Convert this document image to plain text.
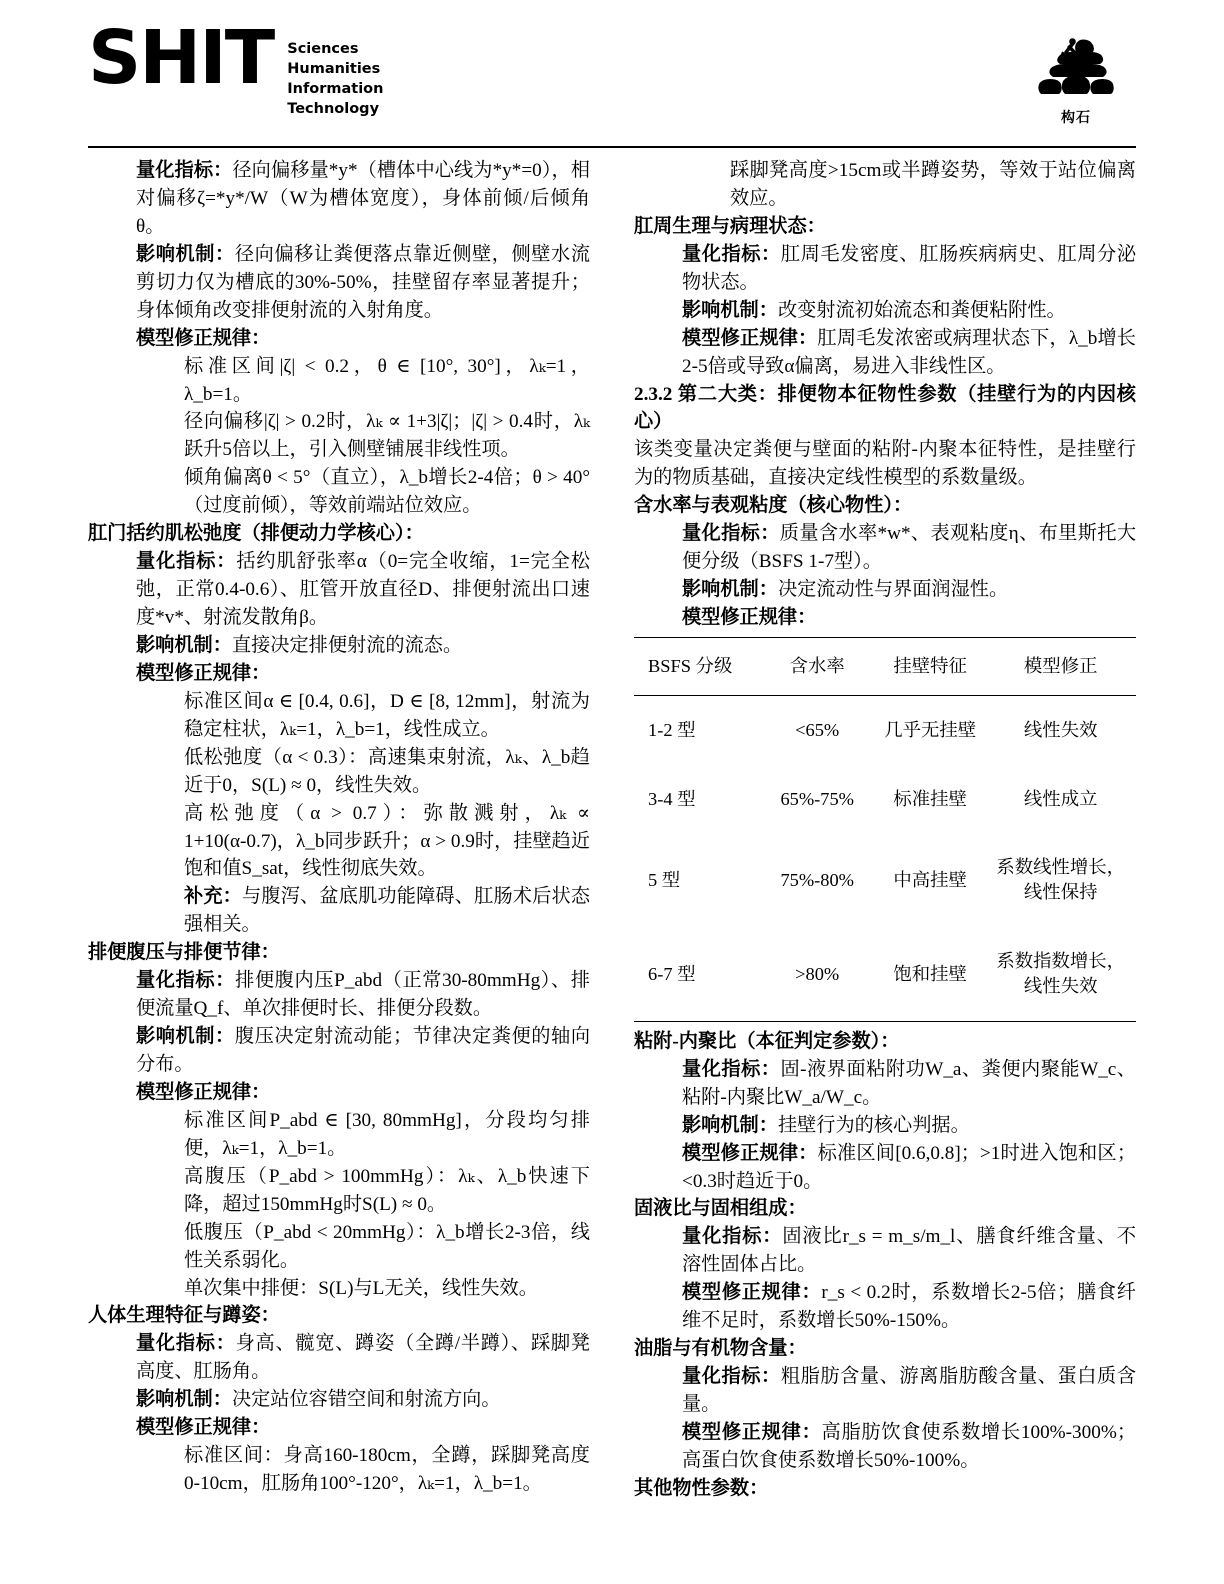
SHIT Sciences
Humanities
Information
Technology
构石

量化指标：径向偏移量*y*（槽体中心线为*y*=0），相对偏移ζ=*y*/W（W为槽体宽度），身体前倾/后倾角θ。

影响机制：径向偏移让粪便落点靠近侧壁，侧壁水流剪切力仅为槽底的30%-50%，挂壁留存率显著提升；身体倾角改变排便射流的入射角度。

模型修正规律：

标准区间|ζ| < 0.2，θ ∈ [10°, 30°]，λₖ=1，λ_b=1。

径向偏移|ζ| > 0.2时，λₖ ∝ 1+3|ζ|；|ζ| > 0.4时，λₖ跃升5倍以上，引入侧壁铺展非线性项。

倾角偏离θ < 5°（直立），λ_b增长2-4倍；θ > 40°（过度前倾），等效前端站位效应。

肛门括约肌松弛度（排便动力学核心）：

量化指标：括约肌舒张率α（0=完全收缩，1=完全松弛，正常0.4-0.6）、肛管开放直径D、排便射流出口速度*v*、射流发散角β。

影响机制：直接决定排便射流的流态。

模型修正规律：

标准区间α ∈ [0.4, 0.6]，D ∈ [8, 12mm]，射流为稳定柱状，λₖ=1，λ_b=1，线性成立。

低松弛度（α < 0.3）：高速集束射流，λₖ、λ_b趋近于0，S(L) ≈ 0，线性失效。

高松弛度（α > 0.7）：弥散溅射，λₖ ∝ 1+10(α-0.7)，λ_b同步跃升；α > 0.9时，挂壁趋近饱和值S_sat，线性彻底失效。

补充：与腹泻、盆底肌功能障碍、肛肠术后状态强相关。

排便腹压与排便节律：

量化指标：排便腹内压P_abd（正常30-80mmHg）、排便流量Q_f、单次排便时长、排便分段数。

影响机制：腹压决定射流动能；节律决定粪便的轴向分布。

模型修正规律：

标准区间P_abd ∈ [30, 80mmHg]，分段均匀排便，λₖ=1，λ_b=1。

高腹压（P_abd > 100mmHg）：λₖ、λ_b快速下降，超过150mmHg时S(L) ≈ 0。

低腹压（P_abd < 20mmHg）：λ_b增长2-3倍，线性关系弱化。

单次集中排便：S(L)与L无关，线性失效。

人体生理特征与蹲姿：

量化指标：身高、髋宽、蹲姿（全蹲/半蹲）、踩脚凳高度、肛肠角。

影响机制：决定站位容错空间和射流方向。

模型修正规律：

标准区间：身高160-180cm，全蹲，踩脚凳高度0-10cm，肛肠角100°-120°，λₖ=1，λ_b=1。

踩脚凳高度>15cm或半蹲姿势，等效于站位偏离效应。

肛周生理与病理状态：

量化指标：肛周毛发密度、肛肠疾病病史、肛周分泌物状态。

影响机制：改变射流初始流态和粪便粘附性。

模型修正规律：肛周毛发浓密或病理状态下，λ_b增长2-5倍或导致α偏离，易进入非线性区。

2.3.2 第二大类：排便物本征物性参数（挂壁行为的内因核心）

该类变量决定粪便与壁面的粘附-内聚本征特性，是挂壁行为的物质基础，直接决定线性模型的系数量级。

含水率与表观粘度（核心物性）：

量化指标：质量含水率*w*、表观粘度η、布里斯托大便分级（BSFS 1-7型）。

影响机制：决定流动性与界面润湿性。

模型修正规律：

BSFS 分级	含水率	挂壁特征	模型修正
1-2 型	<65%	几乎无挂壁	线性失效
3-4 型	65%-75%	标准挂壁	线性成立
5 型	75%-80%	中高挂壁	系数线性增长，线性保持
6-7 型	>80%	饱和挂壁	系数指数增长，线性失效

粘附-内聚比（本征判定参数）：

量化指标：固-液界面粘附功W_a、粪便内聚能W_c、粘附-内聚比W_a/W_c。

影响机制：挂壁行为的核心判据。

模型修正规律：标准区间[0.6,0.8]；>1时进入饱和区；<0.3时趋近于0。

固液比与固相组成：

量化指标：固液比r_s = m_s/m_l、膳食纤维含量、不溶性固体占比。

模型修正规律：r_s < 0.2时，系数增长2-5倍；膳食纤维不足时，系数增长50%-150%。

油脂与有机物含量：

量化指标：粗脂肪含量、游离脂肪酸含量、蛋白质含量。

模型修正规律：高脂肪饮食使系数增长100%-300%；高蛋白饮食使系数增长50%-100%。

其他物性参数：
